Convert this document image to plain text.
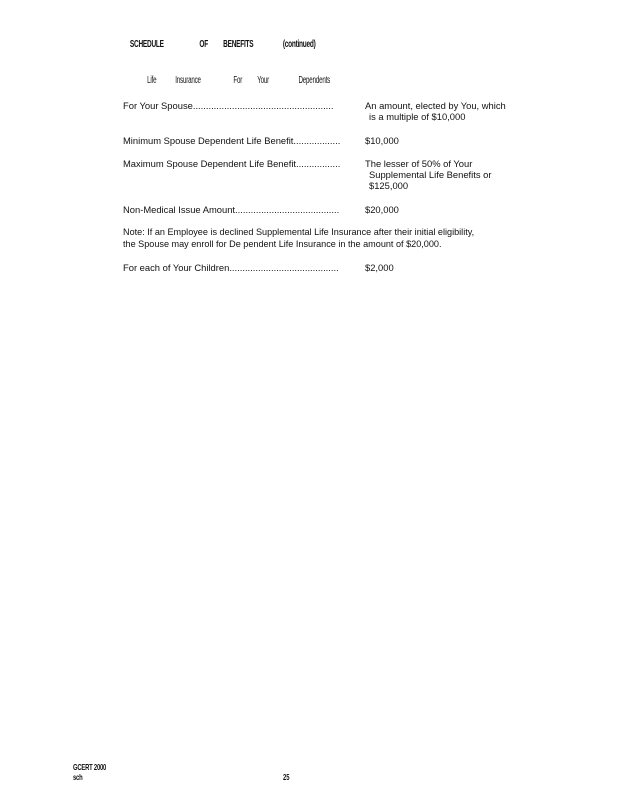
SCHEDULE	OF BENEFITS	(continued)
Life Insurance	For Your	Dependents
For Your Spouse......................................................	An amount, elected by You, which
is a multiple of $10,000
Minimum Spouse Dependent Life Benefit..................	$10,000
Maximum Spouse Dependent Life Benefit.................	The lesser of 50% of Your
Supplemental Life Benefits or
$125,000
Non-Medical Issue Amount........................................	$20,000
Note: If an Employee is declined Supplemental Life Insurance after their initial eligibility,
the Spouse may enroll for De pendent Life Insurance in the amount of $20,000.
For each of Your Children..........................................	$2,000
GCERT 2000
sch	25
